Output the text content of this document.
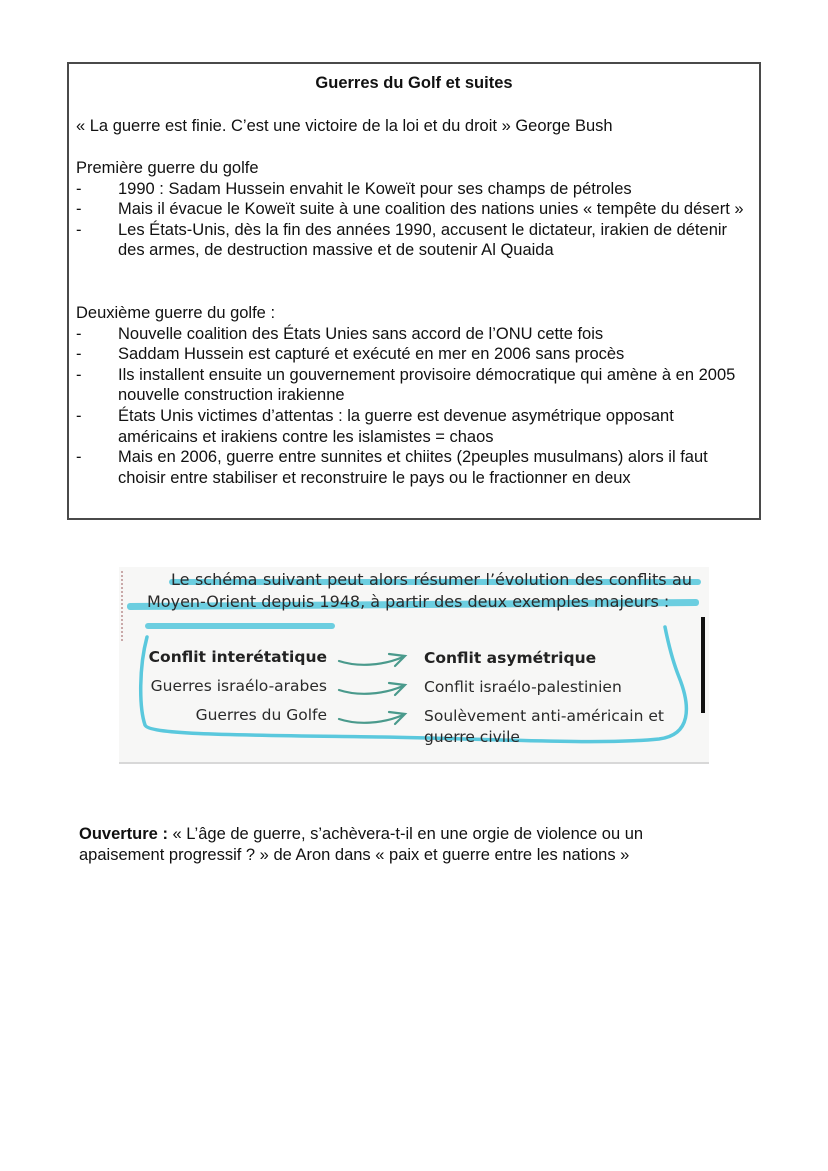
Guerres du Golf et suites
« La guerre est finie. C’est une victoire de la loi et du droit » George Bush

Première guerre du golfe

- 1990 : Sadam Hussein envahit le Koweït pour ses champs de pétroles
- Mais il évacue le Koweït suite à une coalition des nations unies « tempête du désert »
- Les États-Unis, dès la fin des années 1990, accusent le dictateur, irakien de détenir des armes, de destruction massive et de soutenir Al Quaida

Deuxième guerre du golfe :

- Nouvelle coalition des États Unies sans accord de l’ONU cette fois
- Saddam Hussein est capturé et exécuté en mer en 2006 sans procès
- Ils installent ensuite un gouvernement provisoire démocratique qui amène à en 2005 nouvelle construction irakienne
- États Unis victimes d’attentas : la guerre est devenue asymétrique opposant américains et irakiens contre les islamistes = chaos
- Mais en 2006, guerre entre sunnites et chiites (2peuples musulmans) alors il faut choisir entre stabiliser et reconstruire le pays ou le fractionner en deux
Le schéma suivant peut alors résumer l’évolution des conflits au Moyen-Orient depuis 1948, à partir des deux exemples majeurs :
Conflit interétatique	Conflit asymétrique
Guerres israélo-arabes	Conflit israélo-palestinien
Guerres du Golfe	Soulèvement anti-américain et guerre civile
Ouverture : « L’âge de guerre, s’achèvera-t-il en une orgie de violence ou un apaisement progressif ? » de Aron dans « paix et guerre entre les nations »
